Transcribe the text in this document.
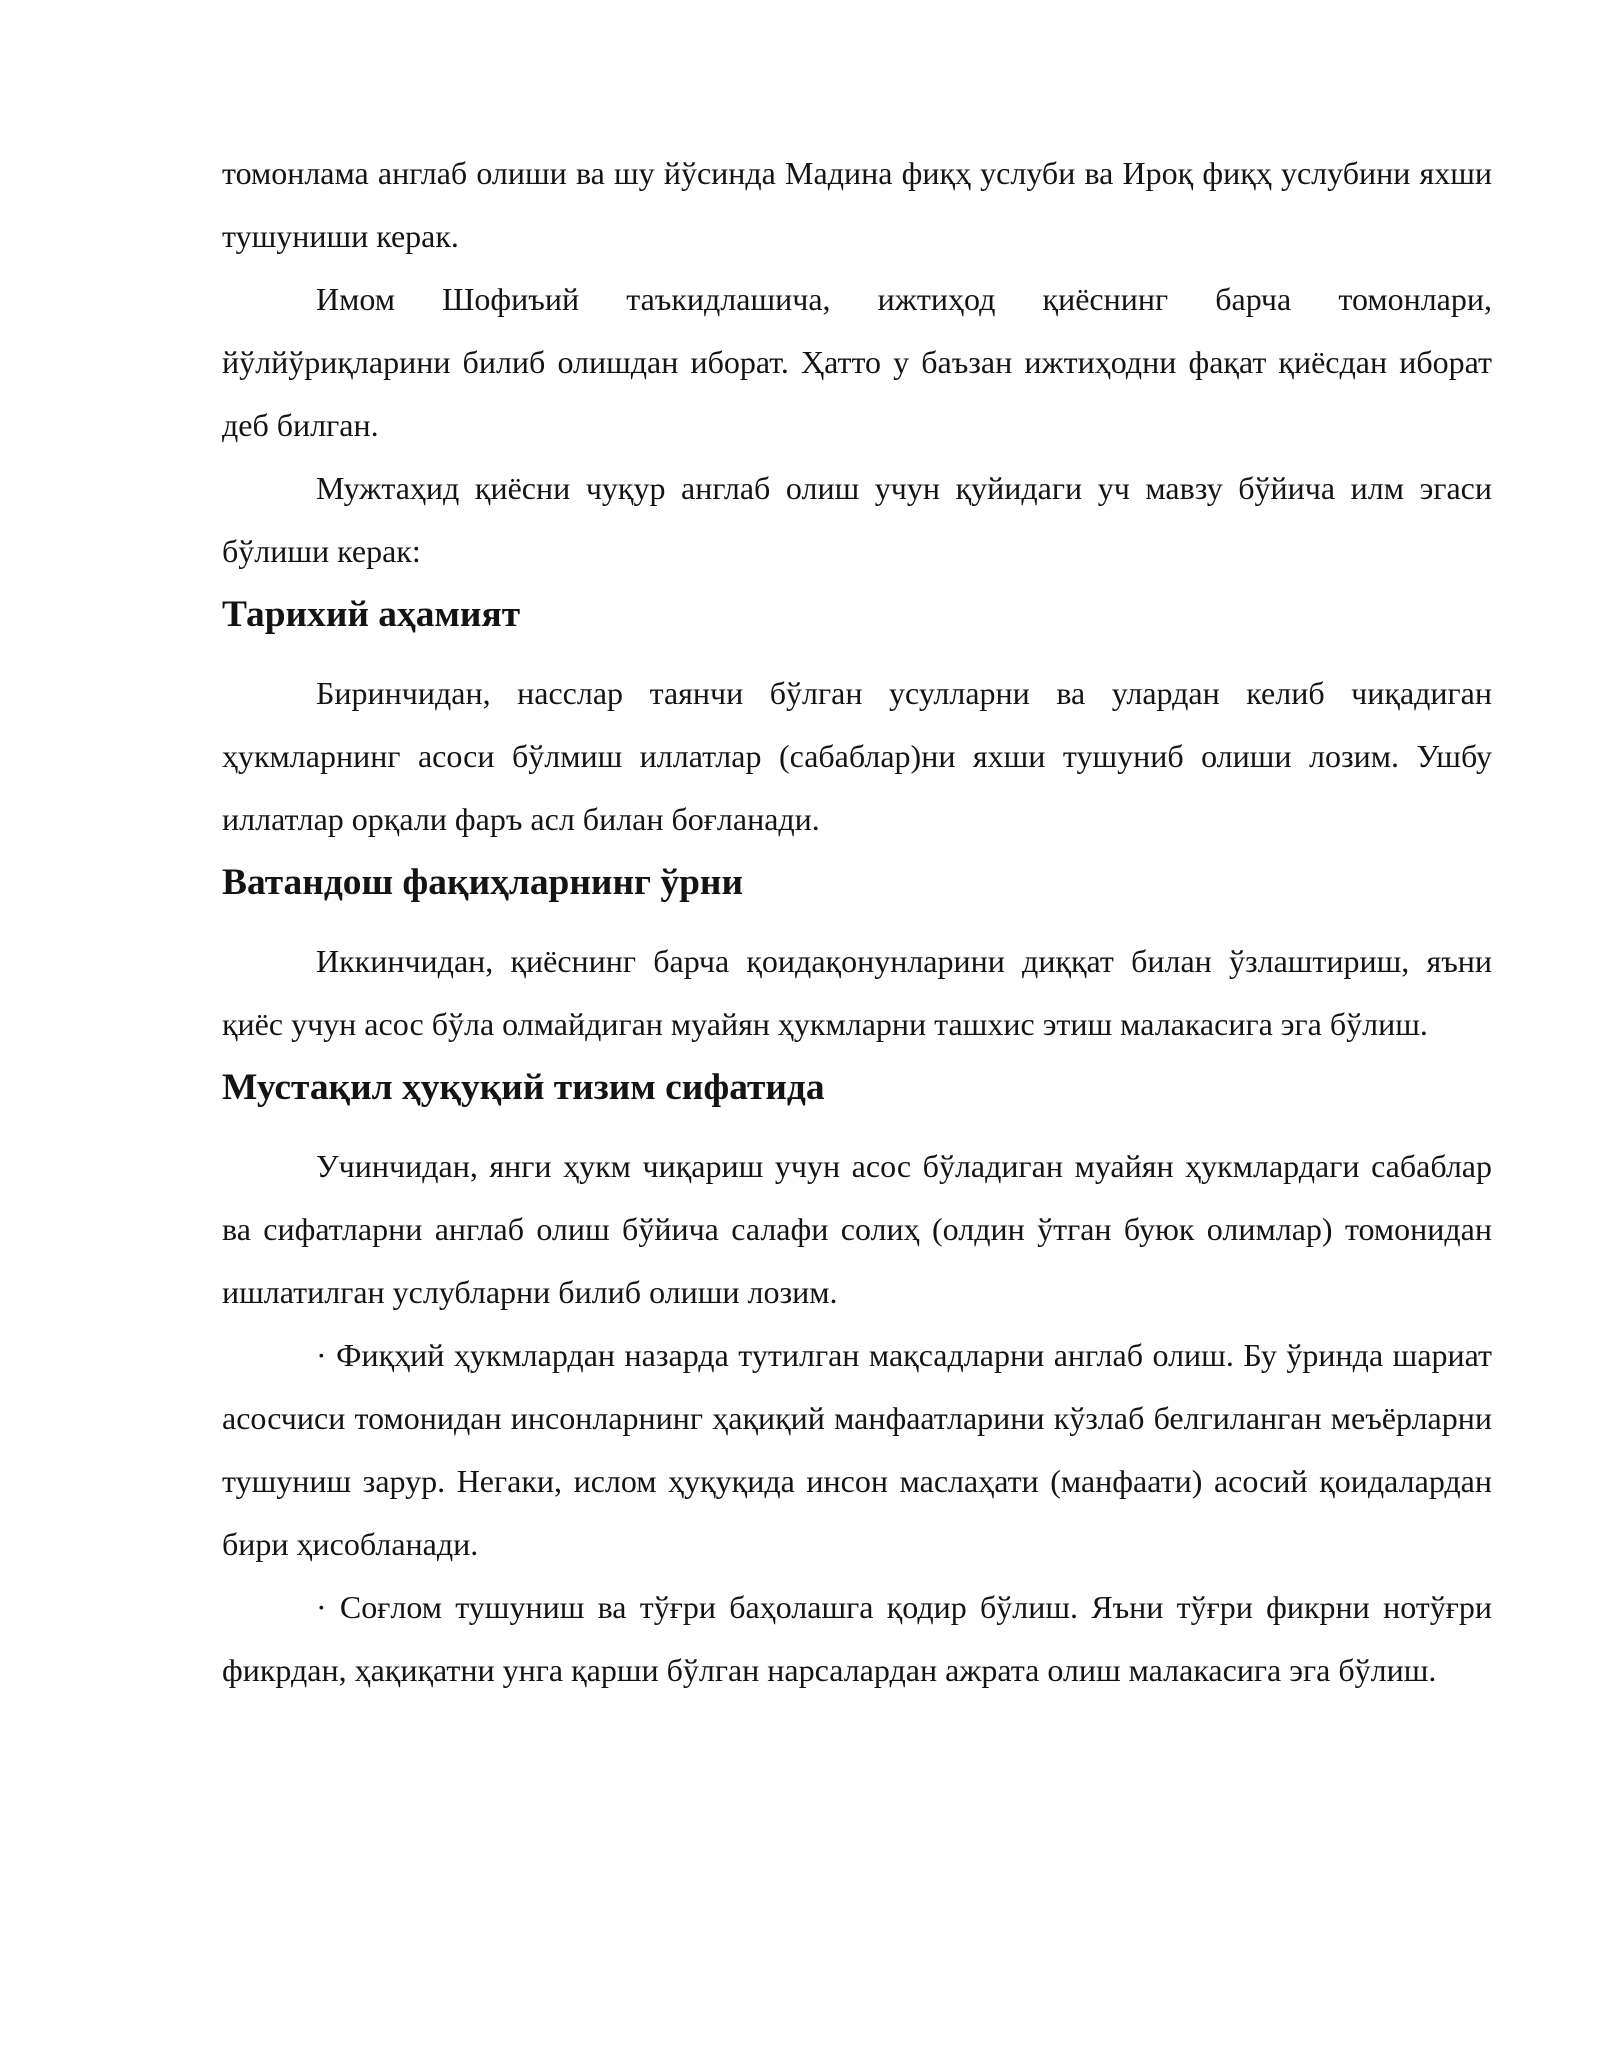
томонлама англаб олиши ва шу йўсинда Мадина фиқҳ услуби ва Ироқ фиқҳ услубини яхши тушуниши керак.

Имом Шофиъий таъкидлашича, ижтиҳод қиёснинг барча томонлари, йўлйўриқларини билиб олишдан иборат. Ҳатто у баъзан ижтиҳодни фақат қиёсдан иборат деб билган.

Мужтаҳид қиёсни чуқур англаб олиш учун қуйидаги уч мавзу бўйича илм эгаси бўлиши керак:

Тарихий аҳамият

Биринчидан, насслар таянчи бўлган усулларни ва улардан келиб чиқадиган ҳукмларнинг асоси бўлмиш иллатлар (сабаблар)ни яхши тушуниб олиши лозим. Ушбу иллатлар орқали фаръ асл билан боғланади.

Ватандош фақиҳларнинг ўрни

Иккинчидан, қиёснинг барча қоидақонунларини диққат билан ўзлаштириш, яъни қиёс учун асос бўла олмайдиган муайян ҳукмларни ташхис этиш малакасига эга бўлиш.

Мустақил ҳуқуқий тизим сифатида

Учинчидан, янги ҳукм чиқариш учун асос бўладиган муайян ҳукмлардаги сабаблар ва сифатларни англаб олиш бўйича салафи солиҳ (олдин ўтган буюк олимлар) томонидан ишлатилган услубларни билиб олиши лозим.

· Фиқҳий ҳукмлардан назарда тутилган мақсадларни англаб олиш. Бу ўринда шариат асосчиси томонидан инсонларнинг ҳақиқий манфаатларини кўзлаб белгиланган меъёрларни тушуниш зарур. Негаки, ислом ҳуқуқида инсон маслаҳати (манфаати) асосий қоидалардан бири ҳисобланади.

· Соғлом тушуниш ва тўғри баҳолашга қодир бўлиш. Яъни тўғри фикрни нотўғри фикрдан, ҳақиқатни унга қарши бўлган нарсалардан ажрата олиш малакасига эга бўлиш.
